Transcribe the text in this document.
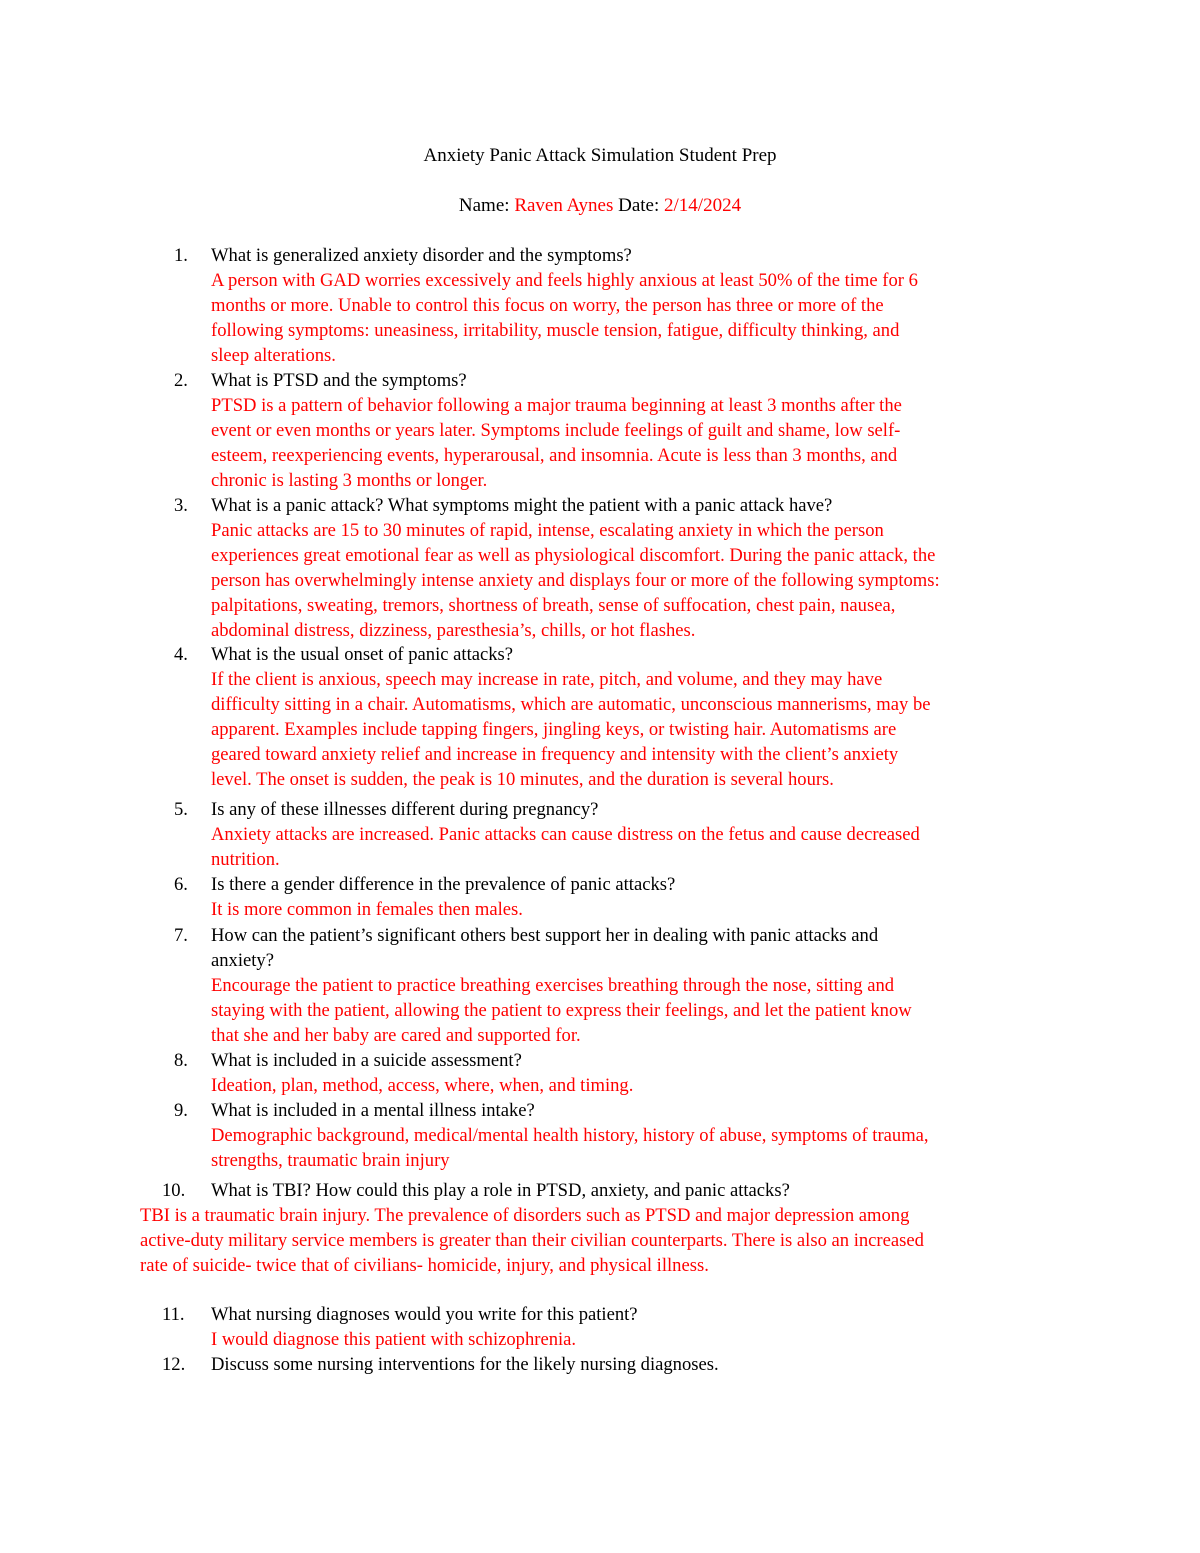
Anxiety Panic Attack Simulation Student Prep
Name: Raven Aynes Date: 2/14/2024
1.	What is generalized anxiety disorder and the symptoms?
A person with GAD worries excessively and feels highly anxious at least 50% of the time for 6
months or more. Unable to control this focus on worry, the person has three or more of the
following symptoms: uneasiness, irritability, muscle tension, fatigue, difficulty thinking, and
sleep alterations.
2.	What is PTSD and the symptoms?
PTSD is a pattern of behavior following a major trauma beginning at least 3 months after the
event or even months or years later. Symptoms include feelings of guilt and shame, low self-
esteem, reexperiencing events, hyperarousal, and insomnia. Acute is less than 3 months, and
chronic is lasting 3 months or longer.
3.	What is a panic attack? What symptoms might the patient with a panic attack have?
Panic attacks are 15 to 30 minutes of rapid, intense, escalating anxiety in which the person
experiences great emotional fear as well as physiological discomfort. During the panic attack, the
person has overwhelmingly intense anxiety and displays four or more of the following symptoms:
palpitations, sweating, tremors, shortness of breath, sense of suffocation, chest pain, nausea,
abdominal distress, dizziness, paresthesia’s, chills, or hot flashes.
4.	What is the usual onset of panic attacks?
If the client is anxious, speech may increase in rate, pitch, and volume, and they may have
difficulty sitting in a chair. Automatisms, which are automatic, unconscious mannerisms, may be
apparent. Examples include tapping fingers, jingling keys, or twisting hair. Automatisms are
geared toward anxiety relief and increase in frequency and intensity with the client’s anxiety
level. The onset is sudden, the peak is 10 minutes, and the duration is several hours.
5.	Is any of these illnesses different during pregnancy?
Anxiety attacks are increased. Panic attacks can cause distress on the fetus and cause decreased
nutrition.
6.	Is there a gender difference in the prevalence of panic attacks?
It is more common in females then males.
7.	How can the patient’s significant others best support her in dealing with panic attacks and
anxiety?
Encourage the patient to practice breathing exercises breathing through the nose, sitting and
staying with the patient, allowing the patient to express their feelings, and let the patient know
that she and her baby are cared and supported for.
8.	What is included in a suicide assessment?
Ideation, plan, method, access, where, when, and timing.
9.	What is included in a mental illness intake?
Demographic background, medical/mental health history, history of abuse, symptoms of trauma,
strengths, traumatic brain injury
10.	What is TBI? How could this play a role in PTSD, anxiety, and panic attacks?
TBI is a traumatic brain injury. The prevalence of disorders such as PTSD and major depression among
active-duty military service members is greater than their civilian counterparts. There is also an increased
rate of suicide- twice that of civilians- homicide, injury, and physical illness.
11.	What nursing diagnoses would you write for this patient?
I would diagnose this patient with schizophrenia.
12.	Discuss some nursing interventions for the likely nursing diagnoses.
